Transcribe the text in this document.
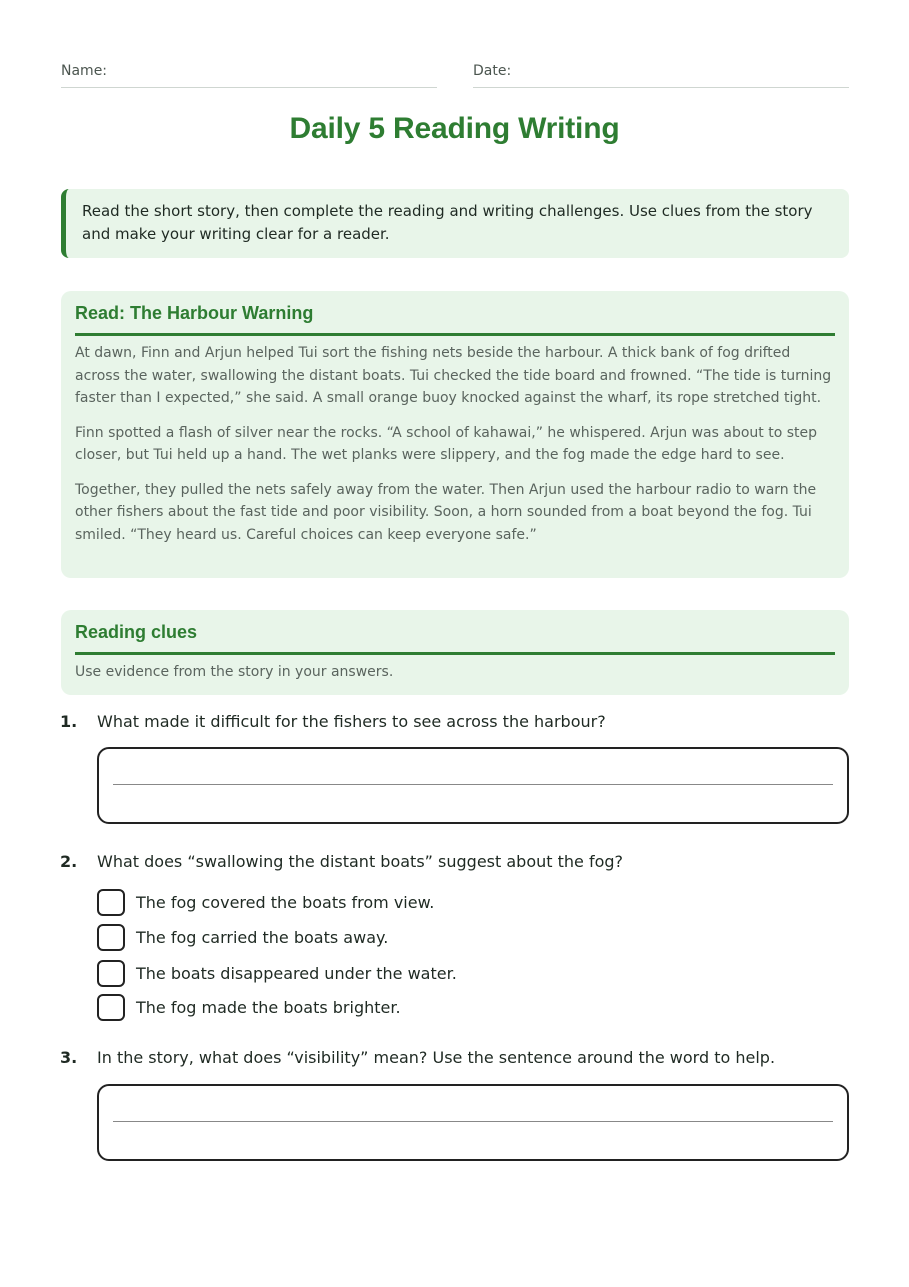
Name:	Date:
Daily 5 Reading Writing
Read the short story, then complete the reading and writing challenges. Use clues from the story and make your writing clear for a reader.
Read: The Harbour Warning

At dawn, Finn and Arjun helped Tui sort the fishing nets beside the harbour. A thick bank of fog drifted across the water, swallowing the distant boats. Tui checked the tide board and frowned. “The tide is turning faster than I expected,” she said. A small orange buoy knocked against the wharf, its rope stretched tight.

Finn spotted a flash of silver near the rocks. “A school of kahawai,” he whispered. Arjun was about to step closer, but Tui held up a hand. The wet planks were slippery, and the fog made the edge hard to see.

Together, they pulled the nets safely away from the water. Then Arjun used the harbour radio to warn the other fishers about the fast tide and poor visibility. Soon, a horn sounded from a boat beyond the fog. Tui smiled. “They heard us. Careful choices can keep everyone safe.”

Reading clues
Use evidence from the story in your answers.
1.	What made it difficult for the fishers to see across the harbour?
2.	What does “swallowing the distant boats” suggest about the fog?
The fog covered the boats from view.
The fog carried the boats away.
The boats disappeared under the water.
The fog made the boats brighter.
3.	In the story, what does “visibility” mean? Use the sentence around the word to help.
